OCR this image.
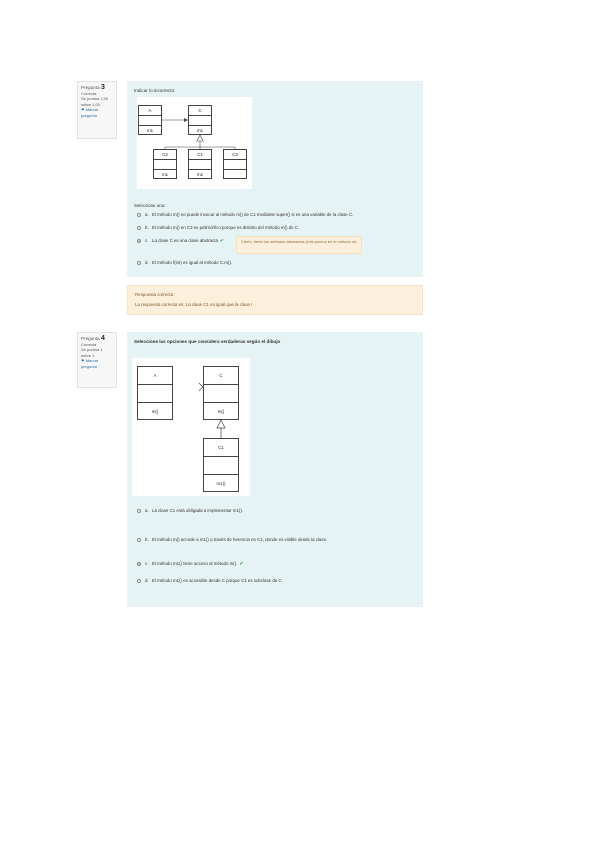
Pregunta 3
Correcta
Se puntúa 1,00 sobre 1,00
⚑ Marcar pregunta
Indicar lo incorrecto:
A
m1
C
m1
C2
m1
C1
m1
C3
Seleccione una:
a. El método m() no puede invocar al método m() de C1 mediante super() si es una variable de la clase C.
b. El método m() en C3 es polimórfico porque es distinto del método m() de C.
c. La clase C es una clase abstracta ✔	Cierto, tiene los métodos abstractos (mis puntos en el método m)
d. El método f(int) es igual al método C.m().
Respuesta correcta
La respuesta correcta es: La clase C1 es igual que la clase I
Pregunta 4
Correcta
Se puntúa 1 sobre 1
⚑ Marcar pregunta
Seleccione las opciones que considera verdaderas según el dibujo
A
m()
C
m()
C1
m1()
a. La clase C1 está obligada a implementar m1().
b. El método m() accede a m1() a través de herencia en C1, donde es visible desde la clase.
c. El método m1() tiene acceso al método m(). ✔
d. El método m1() es accesible desde C porque C1 es subclase de C.
